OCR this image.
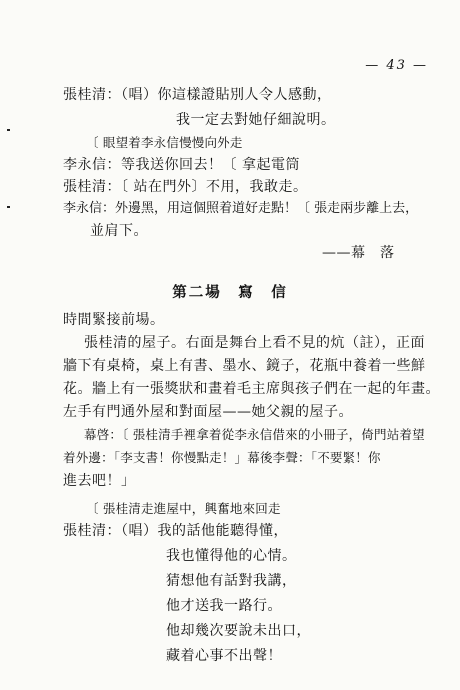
— 43 —
張桂清：（唱）你這樣證貼別人令人感動，
我一定去對她仔細說明。
〔 眼望着李永信慢慢向外走
李永信：等我送你回去！〔 拿起電筒
張桂清：〔 站在門外〕不用，我敢走。
李永信：外邊黑，用這個照着道好走點！〔 張走兩步離上去，
並肩下。
——幕　落
第二場　寫　信
時間緊接前場。
張桂清的屋子。右面是舞台上看不見的炕（註），正面
牆下有桌椅，桌上有書、墨水、鏡子，花瓶中養着一些鮮
花。牆上有一張獎狀和畫着毛主席與孩子們在一起的年畫。
左手有門通外屋和對面屋——她父親的屋子。
幕啓：〔 張桂清手裡拿着從李永信借來的小冊子，倚門站着望
着外邊：「李支書！你慢點走！」幕後李聲：「不要緊！你
進去吧！」
〔 張桂清走進屋中，興奮地來回走
張桂清：（唱）我的話他能聽得懂，
我也懂得他的心情。
猜想他有話對我講，
他才送我一路行。
他却幾次要說未出口，
藏着心事不出聲！
